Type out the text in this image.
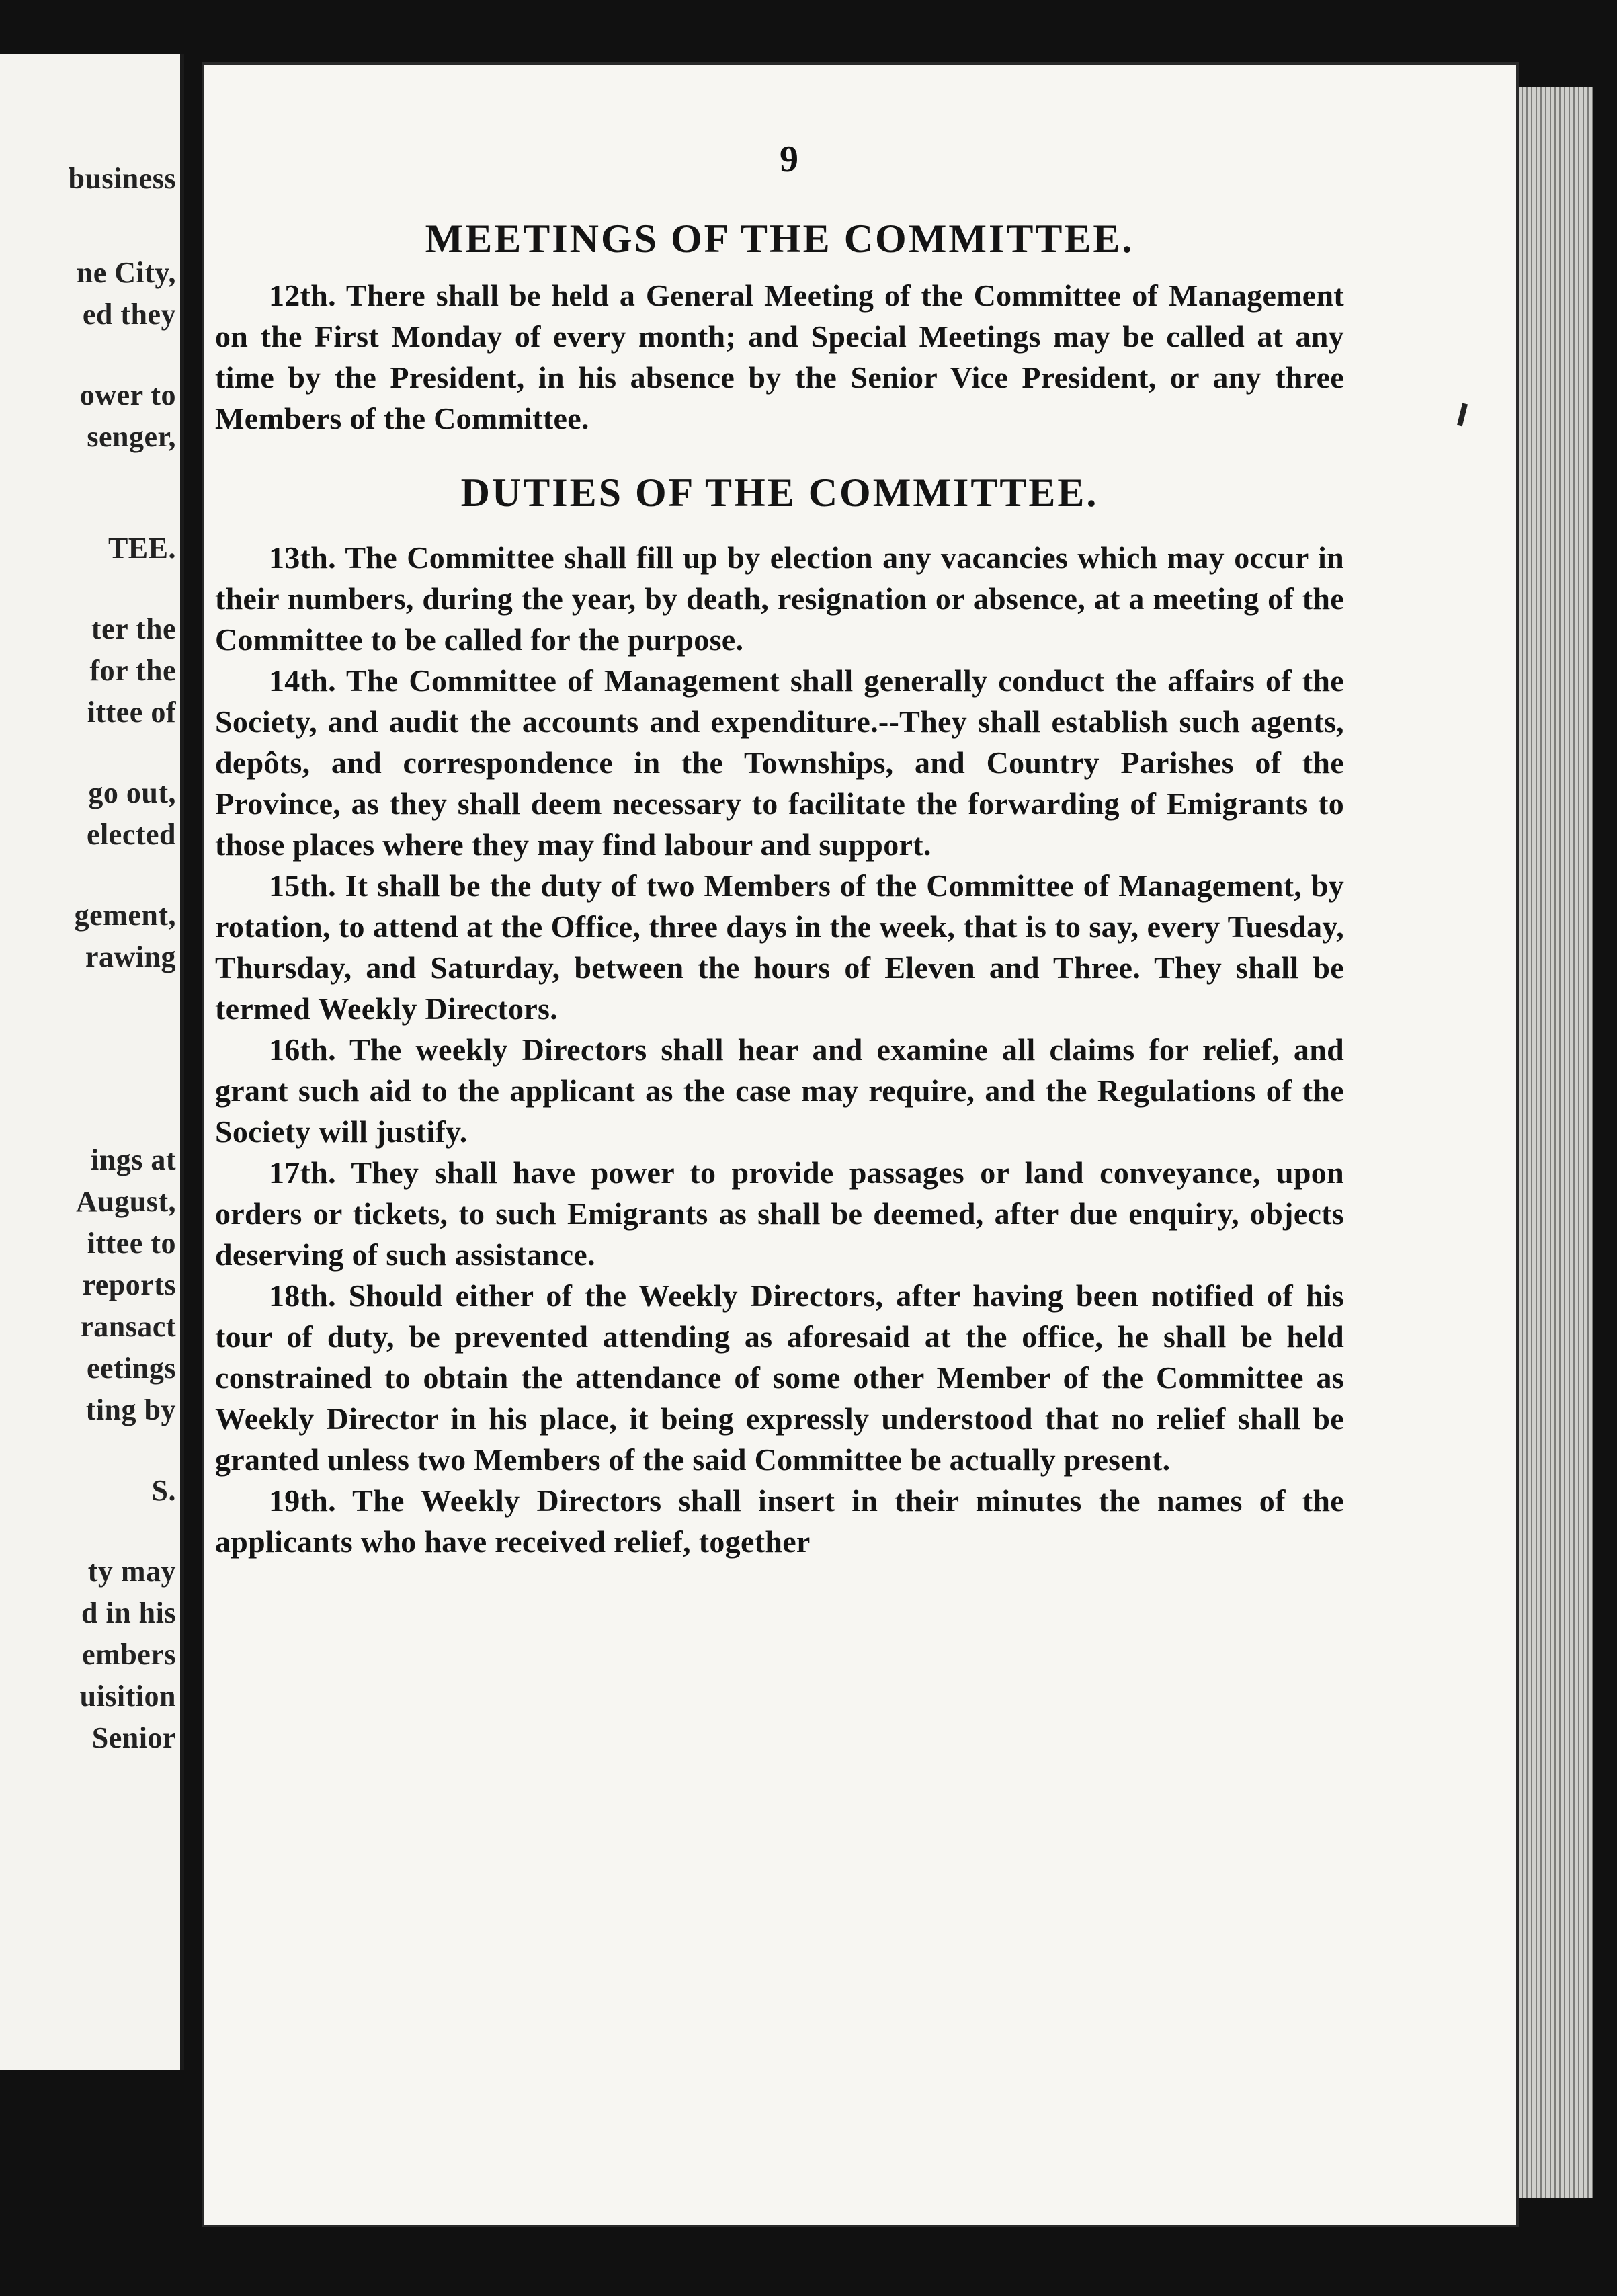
business
ne City,
ed they
ower to
senger,
TEE.
ter the
for the
ittee of
go out,
elected
gement,
rawing
ings at
August,
ittee to
reports
ransact
eetings
ting by
S.
ty may
d in his
embers
uisition
Senior
9

MEETINGS OF THE COMMITTEE.

12th. There shall be held a General Meeting of the Committee of Management on the First Monday of every month; and Special Meetings may be called at any time by the President, in his absence by the Senior Vice President, or any three Members of the Committee.

DUTIES OF THE COMMITTEE.

13th. The Committee shall fill up by election any vacancies which may occur in their numbers, during the year, by death, resignation or absence, at a meeting of the Committee to be called for the purpose.

14th. The Committee of Management shall generally conduct the affairs of the Society, and audit the accounts and expenditure.--They shall establish such agents, depôts, and correspondence in the Townships, and Country Parishes of the Province, as they shall deem necessary to facilitate the forwarding of Emigrants to those places where they may find labour and support.

15th. It shall be the duty of two Members of the Committee of Management, by rotation, to attend at the Office, three days in the week, that is to say, every Tuesday, Thursday, and Saturday, between the hours of Eleven and Three. They shall be termed Weekly Directors.

16th. The weekly Directors shall hear and examine all claims for relief, and grant such aid to the applicant as the case may require, and the Regulations of the Society will justify.

17th. They shall have power to provide passages or land conveyance, upon orders or tickets, to such Emigrants as shall be deemed, after due enquiry, objects deserving of such assistance.

18th. Should either of the Weekly Directors, after having been notified of his tour of duty, be prevented attending as aforesaid at the office, he shall be held constrained to obtain the attendance of some other Member of the Committee as Weekly Director in his place, it being expressly understood that no relief shall be granted unless two Members of the said Committee be actually present.

19th. The Weekly Directors shall insert in their minutes the names of the applicants who have received relief, together
